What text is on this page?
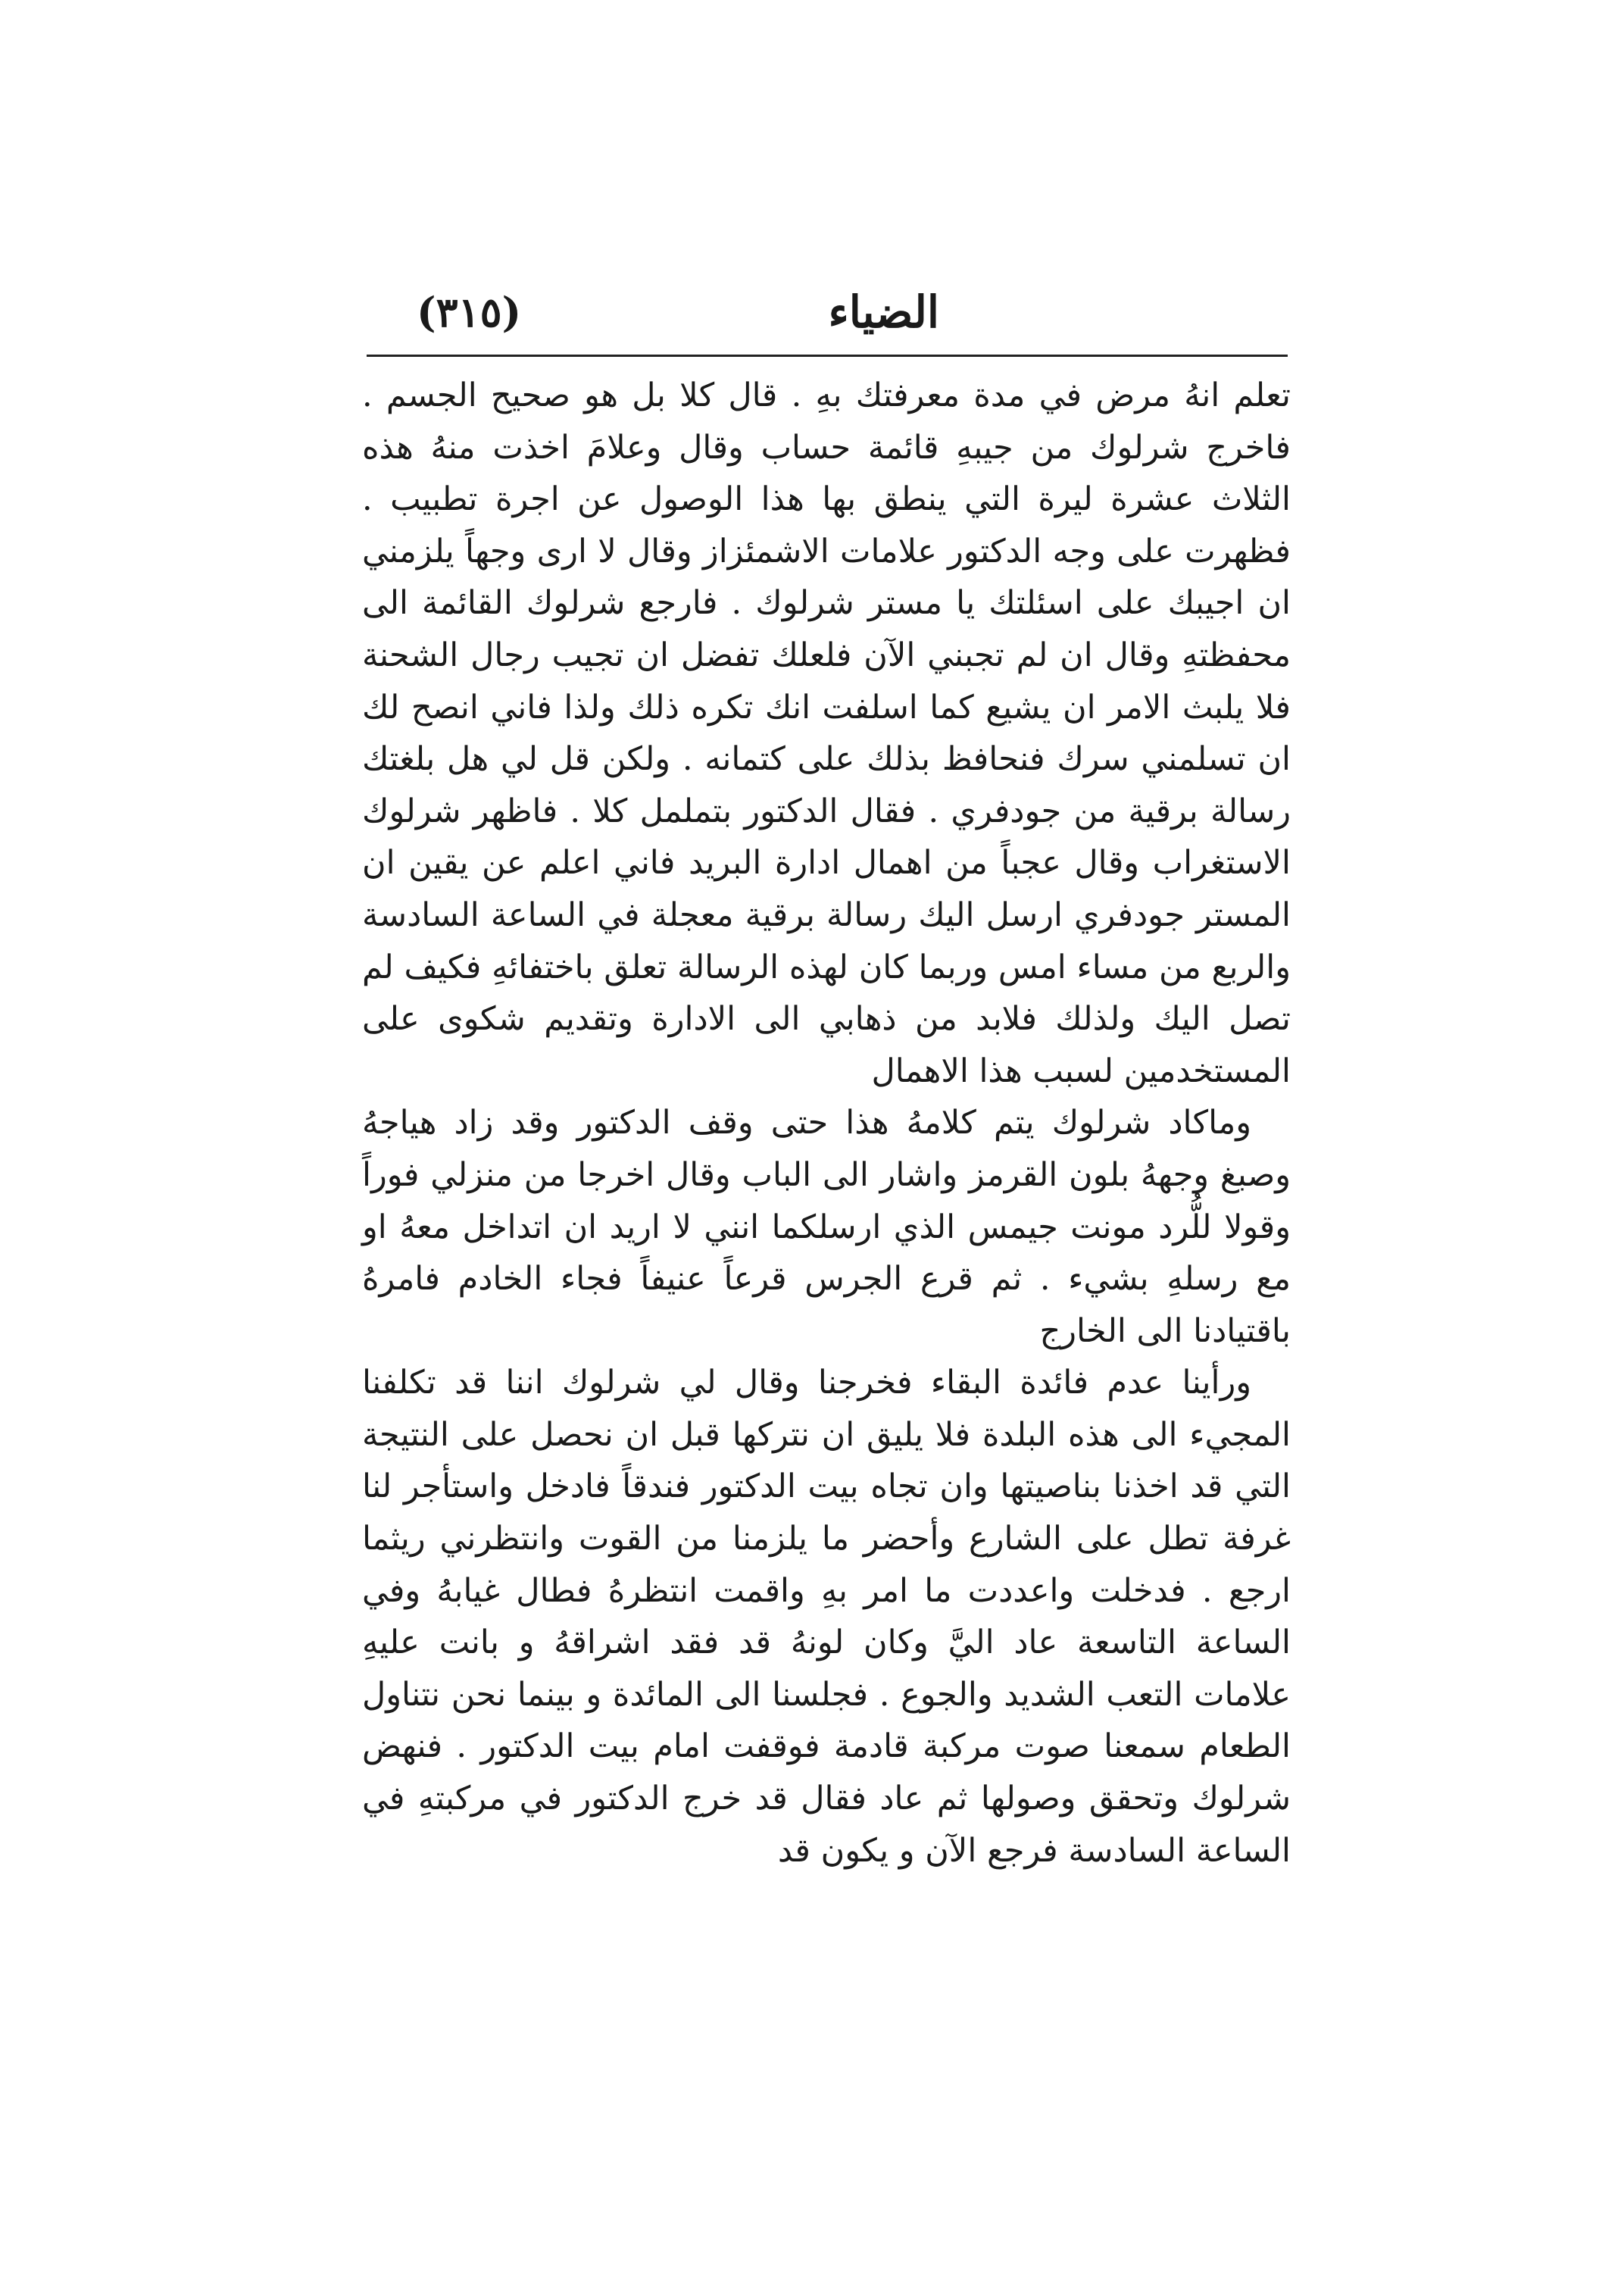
الضياء
(٣١٥)

تعلم انهُ مرض في مدة معرفتك بهِ . قال كلا بل هو صحيح الجسم . فاخرج شرلوك من جيبهِ قائمة حساب وقال وعلامَ اخذت منهُ هذه الثلاث عشرة ليرة التي ينطق بها هذا الوصول عن اجرة تطبيب . فظهرت على وجه الدكتور علامات الاشمئزاز وقال لا ارى وجهاً يلزمني ان اجيبك على اسئلتك يا مستر شرلوك . فارجع شرلوك القائمة الى محفظتهِ وقال ان لم تجبني الآن فلعلك تفضل ان تجيب رجال الشحنة فلا يلبث الامر ان يشيع كما اسلفت انك تكره ذلك ولذا فاني انصح لك ان تسلمني سرك فنحافظ بذلك على كتمانه . ولكن قل لي هل بلغتك رسالة برقية من جودفري . فقال الدكتور بتململ كلا . فاظهر شرلوك الاستغراب وقال عجباً من اهمال ادارة البريد فاني اعلم عن يقين ان المستر جودفري ارسل اليك رسالة برقية معجلة في الساعة السادسة والربع من مساء امس وربما كان لهذه الرسالة تعلق باختفائهِ فكيف لم تصل اليك ولذلك فلابد من ذهابي الى الادارة وتقديم شكوى على المستخدمين لسبب هذا الاهمال

وماكاد شرلوك يتم كلامهُ هذا حتى وقف الدكتور وقد زاد هياجهُ وصبغ وجههُ بلون القرمز واشار الى الباب وقال اخرجا من منزلي فوراً وقولا للُّرد مونت جيمس الذي ارسلكما انني لا اريد ان اتداخل معهُ او مع رسلهِ بشيء . ثم قرع الجرس قرعاً عنيفاً فجاء الخادم فامرهُ باقتيادنا الى الخارج

ورأينا عدم فائدة البقاء فخرجنا وقال لي شرلوك اننا قد تكلفنا المجيء الى هذه البلدة فلا يليق ان نتركها قبل ان نحصل على النتيجة التي قد اخذنا بناصيتها وان تجاه بيت الدكتور فندقاً فادخل واستأجر لنا غرفة تطل على الشارع وأحضر ما يلزمنا من القوت وانتظرني ريثما ارجع . فدخلت واعددت ما امر بهِ واقمت انتظرهُ فطال غيابهُ وفي الساعة التاسعة عاد اليَّ وكان لونهُ قد فقد اشراقهُ و بانت عليهِ علامات التعب الشديد والجوع . فجلسنا الى المائدة و بينما نحن نتناول الطعام سمعنا صوت مركبة قادمة فوقفت امام بيت الدكتور . فنهض شرلوك وتحقق وصولها ثم عاد فقال قد خرج الدكتور في مركبتهِ في الساعة السادسة فرجع الآن و يكون قد
